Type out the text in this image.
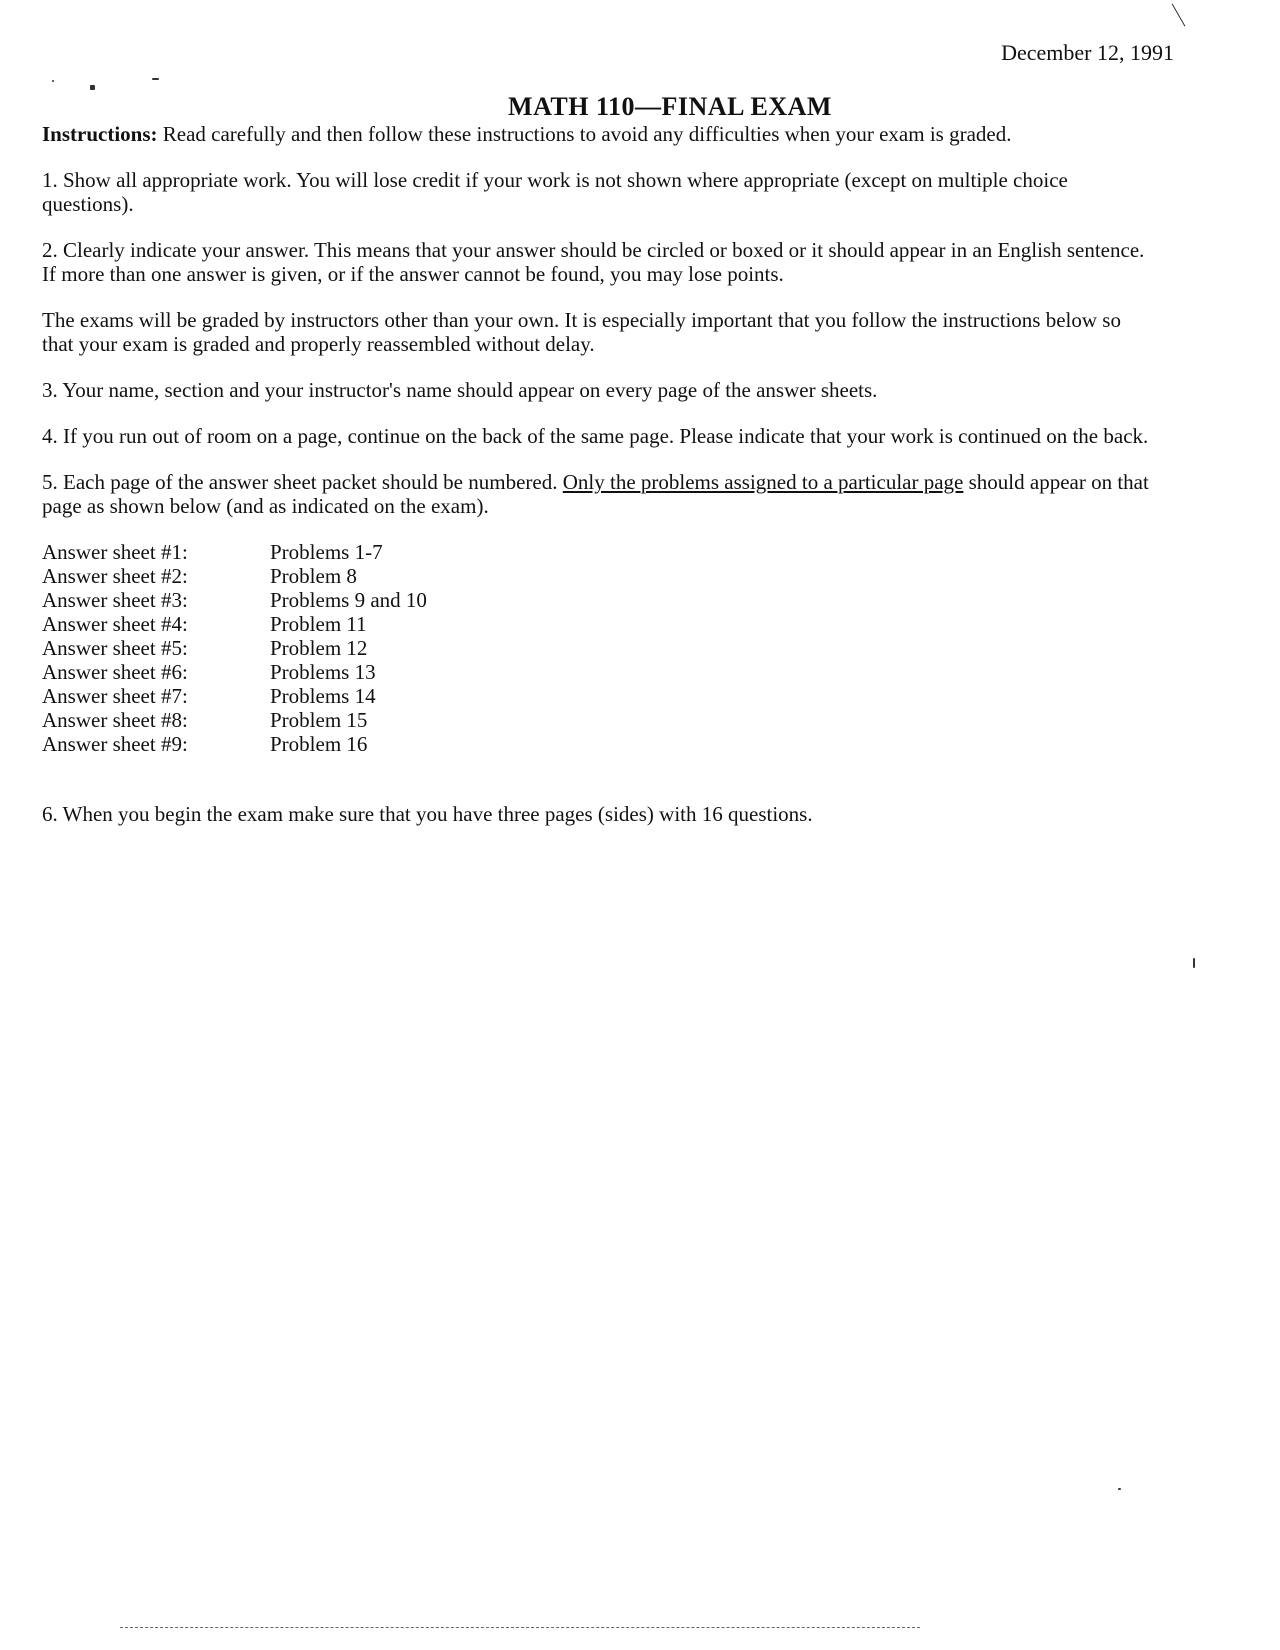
December 12, 1991
MATH 110—FINAL EXAM

Instructions: Read carefully and then follow these instructions to avoid any difficulties when your exam is graded.

1. Show all appropriate work. You will lose credit if your work is not shown where appropriate (except on multiple choice questions).

2. Clearly indicate your answer. This means that your answer should be circled or boxed or it should appear in an English sentence. If more than one answer is given, or if the answer cannot be found, you may lose points.

The exams will be graded by instructors other than your own. It is especially important that you follow the instructions below so that your exam is graded and properly reassembled without delay.

3. Your name, section and your instructor's name should appear on every page of the answer sheets.

4. If you run out of room on a page, continue on the back of the same page. Please indicate that your work is continued on the back.

5. Each page of the answer sheet packet should be numbered. Only the problems assigned to a particular page should appear on that page as shown below (and as indicated on the exam).

Answer sheet #1:	Problems 1-7
Answer sheet #2:	Problem 8
Answer sheet #3:	Problems 9 and 10
Answer sheet #4:	Problem 11
Answer sheet #5:	Problem 12
Answer sheet #6:	Problems 13
Answer sheet #7:	Problems 14
Answer sheet #8:	Problem 15
Answer sheet #9:	Problem 16

6. When you begin the exam make sure that you have three pages (sides) with 16 questions.
